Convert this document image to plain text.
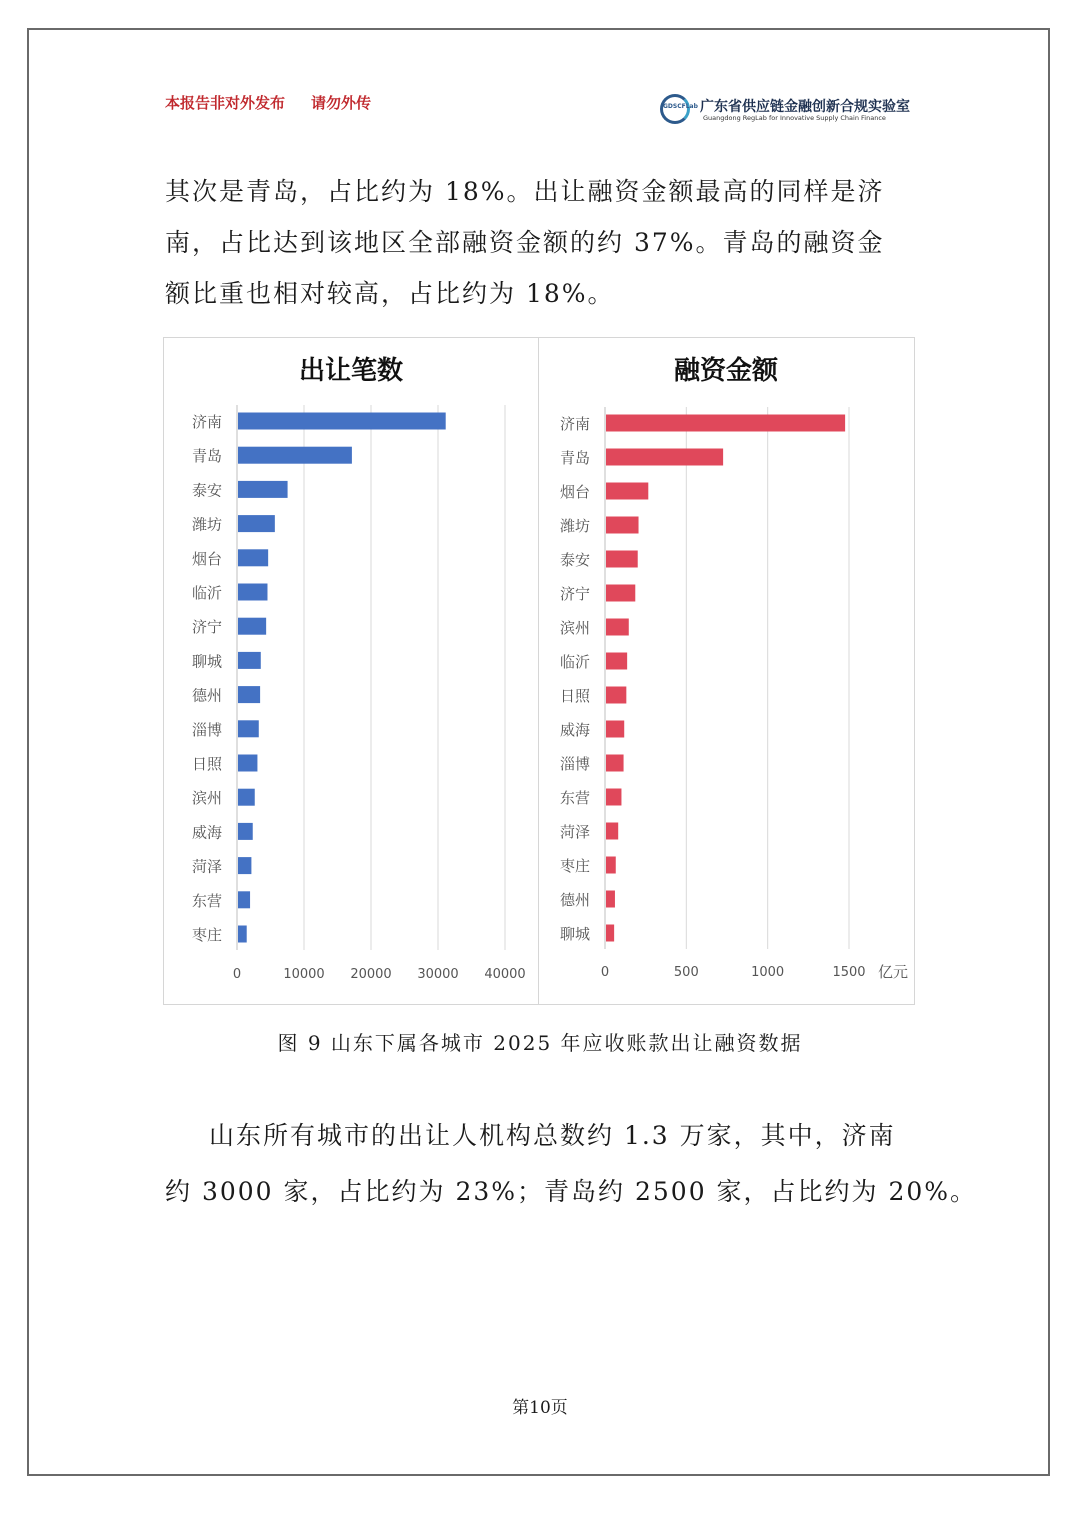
本报告非对外发布 请勿外传	GDSCFLab 广东省供应链金融创新合规实验室
Guangdong RegLab for Innovative Supply Chain Finance
其次是青岛，占比约为 18%。出让融资金额最高的同样是济
南，占比达到该地区全部融资金额的约 37%。青岛的融资金
额比重也相对较高，占比约为 18%。
出让笔数
0	10000 20000 30000 40000
济南
青岛
泰安
潍坊
烟台
临沂
济宁
聊城
德州
淄博
日照
滨州
威海
菏泽
东营
枣庄
融资金额
0	500	1000	1500 亿元
济南
青岛
烟台
潍坊
泰安
济宁
滨州
临沂
日照
威海
淄博
东营
菏泽
枣庄
德州
聊城
图 9 山东下属各城市 2025 年应收账款出让融资数据
山东所有城市的出让人机构总数约 1.3 万家，其中，济南
约 3000 家，占比约为 23%；青岛约 2500 家，占比约为 20%。
第10页
